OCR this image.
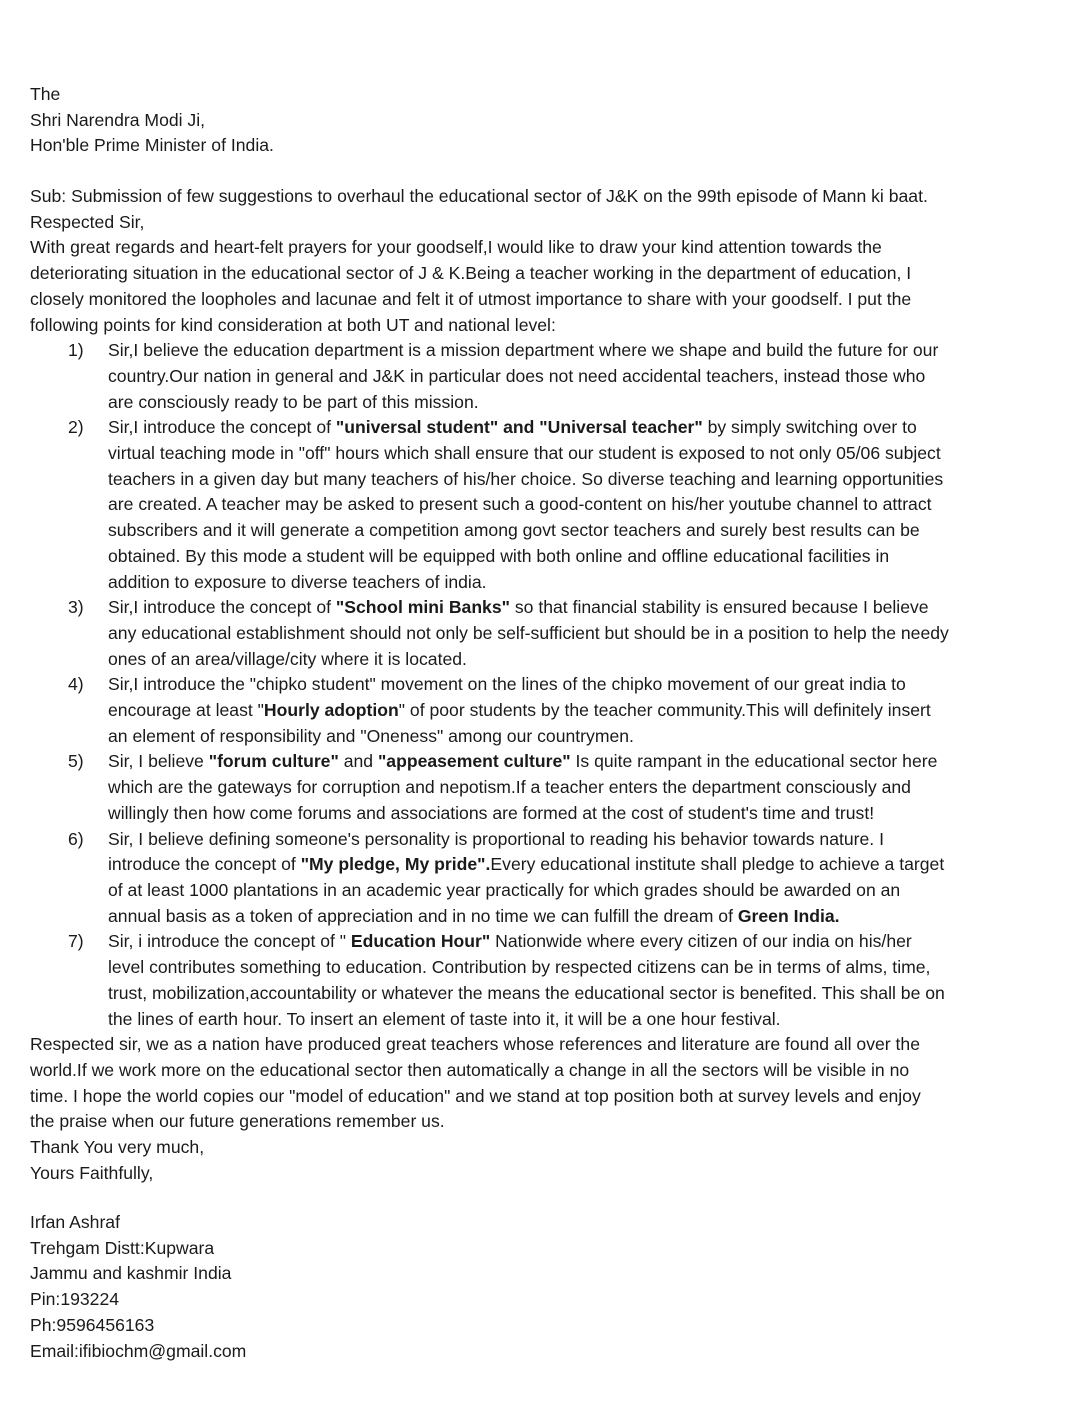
The
Shri Narendra Modi Ji,
Hon'ble Prime Minister of India.
Sub: Submission of few suggestions to overhaul the educational sector of J&K on the 99th episode of Mann ki baat.
Respected Sir,
With great regards and heart-felt prayers for your goodself,I would like to draw your kind attention towards the
deteriorating situation in the educational sector of J & K.Being a teacher working in the department of education, I
closely monitored the loopholes and lacunae and felt it of utmost importance to share with your goodself. I put the
following points for kind consideration at both UT and national level:
1) Sir,I believe the education department is a mission department where we shape and build the future for our
country.Our nation in general and J&K in particular does not need accidental teachers, instead those who
are consciously ready to be part of this mission.
2) Sir,I introduce the concept of "universal student" and "Universal teacher" by simply switching over to
virtual teaching mode in "off" hours which shall ensure that our student is exposed to not only 05/06 subject
teachers in a given day but many teachers of his/her choice. So diverse teaching and learning opportunities
are created. A teacher may be asked to present such a good-content on his/her youtube channel to attract
subscribers and it will generate a competition among govt sector teachers and surely best results can be
obtained. By this mode a student will be equipped with both online and offline educational facilities in
addition to exposure to diverse teachers of india.
3) Sir,I introduce the concept of "School mini Banks" so that financial stability is ensured because I believe
any educational establishment should not only be self-sufficient but should be in a position to help the needy
ones of an area/village/city where it is located.
4) Sir,I introduce the "chipko student" movement on the lines of the chipko movement of our great india to
encourage at least "Hourly adoption" of poor students by the teacher community.This will definitely insert
an element of responsibility and "Oneness" among our countrymen.
5) Sir, I believe "forum culture" and "appeasement culture" Is quite rampant in the educational sector here
which are the gateways for corruption and nepotism.If a teacher enters the department consciously and
willingly then how come forums and associations are formed at the cost of student's time and trust!
6) Sir, I believe defining someone's personality is proportional to reading his behavior towards nature. I
introduce the concept of "My pledge, My pride".Every educational institute shall pledge to achieve a target
of at least 1000 plantations in an academic year practically for which grades should be awarded on an
annual basis as a token of appreciation and in no time we can fulfill the dream of Green India.
7) Sir, i introduce the concept of " Education Hour" Nationwide where every citizen of our india on his/her
level contributes something to education. Contribution by respected citizens can be in terms of alms, time,
trust, mobilization,accountability or whatever the means the educational sector is benefited. This shall be on
the lines of earth hour. To insert an element of taste into it, it will be a one hour festival.
Respected sir, we as a nation have produced great teachers whose references and literature are found all over the
world.If we work more on the educational sector then automatically a change in all the sectors will be visible in no
time. I hope the world copies our "model of education" and we stand at top position both at survey levels and enjoy
the praise when our future generations remember us.
Thank You very much,
Yours Faithfully,
Irfan Ashraf
Trehgam Distt:Kupwara
Jammu and kashmir India
Pin:193224
Ph:9596456163
Email:ifibiochm@gmail.com
